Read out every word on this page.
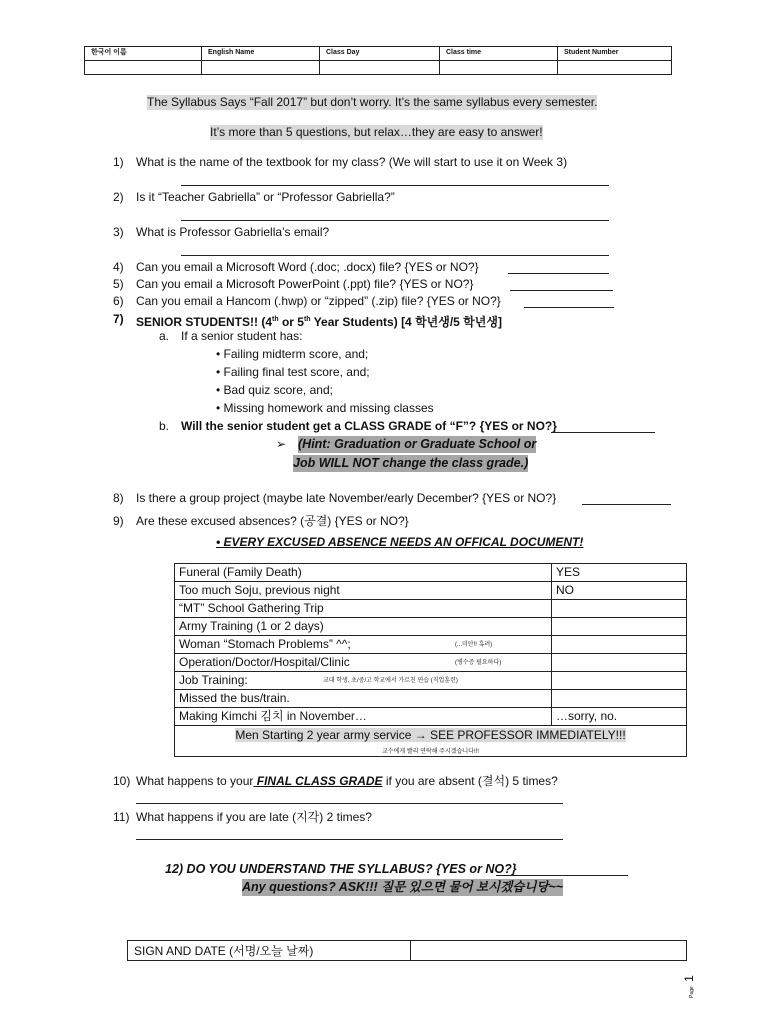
한국어 이름	English Name	Class Day	Class time	Student Number

The Syllabus Says “Fall 2017” but don’t worry. It’s the same syllabus every semester.
It’s more than 5 questions, but relax…they are easy to answer!
1) What is the name of the textbook for my class? (We will start to use it on Week 3)
2) Is it “Teacher Gabriella” or “Professor Gabriella?”
3) What is Professor Gabriella’s email?
4) Can you email a Microsoft Word (.doc; .docx) file? {YES or NO?}
5) Can you email a Microsoft PowerPoint (.ppt) file? {YES or NO?}
6) Can you email a Hancom (.hwp) or “zipped” (.zip) file? {YES or NO?}
7) SENIOR STUDENTS!! (4th or 5th Year Students) [4 학년생/5 학년생]
a. If a senior student has:
• Failing midterm score, and;
• Failing final test score, and;
• Bad quiz score, and;
• Missing homework and missing classes
b. Will the senior student get a CLASS GRADE of “F”? {YES or NO?}
➢ (Hint: Graduation or Graduate School or
Job WILL NOT change the class grade.)
8) Is there a group project (maybe late November/early December? {YES or NO?}
9) Are these excused absences? (공결) {YES or NO?}
• EVERY EXCUSED ABSENCE NEEDS AN OFFICAL DOCUMENT!
Funeral (Family Death)	YES
Too much Soju, previous night	NO
“MT” School Gathering Trip	
Army Training (1 or 2 days)	
Woman “Stomach Problems” ^^; (...미안!! 혹려)	

Operation/Doctor/Hospital/Clinic (병수증 필요하다)	

Job Training: 교대 학생, 초/중/고 학교에서 가르친 연습 (직업훈련)	

Missed the bus/train.	
Making Kimchi 김치 in November…	…sorry, no.
Men Starting 2 year army service → SEE PROFESSOR IMMEDIATELY!!!
교수에게 빨리 연락해 주시겠습니다!!!	
10) What happens to your FINAL CLASS GRADE if you are absent (결석) 5 times?
11) What happens if you are late (지각) 2 times?
12) DO YOU UNDERSTAND THE SYLLABUS? {YES or NO?}
Any questions? ASK!!! 질문 있으면 물어 보시겠습니당~~
SIGN AND DATE (서명/오늘 날짜)	
Page 1
